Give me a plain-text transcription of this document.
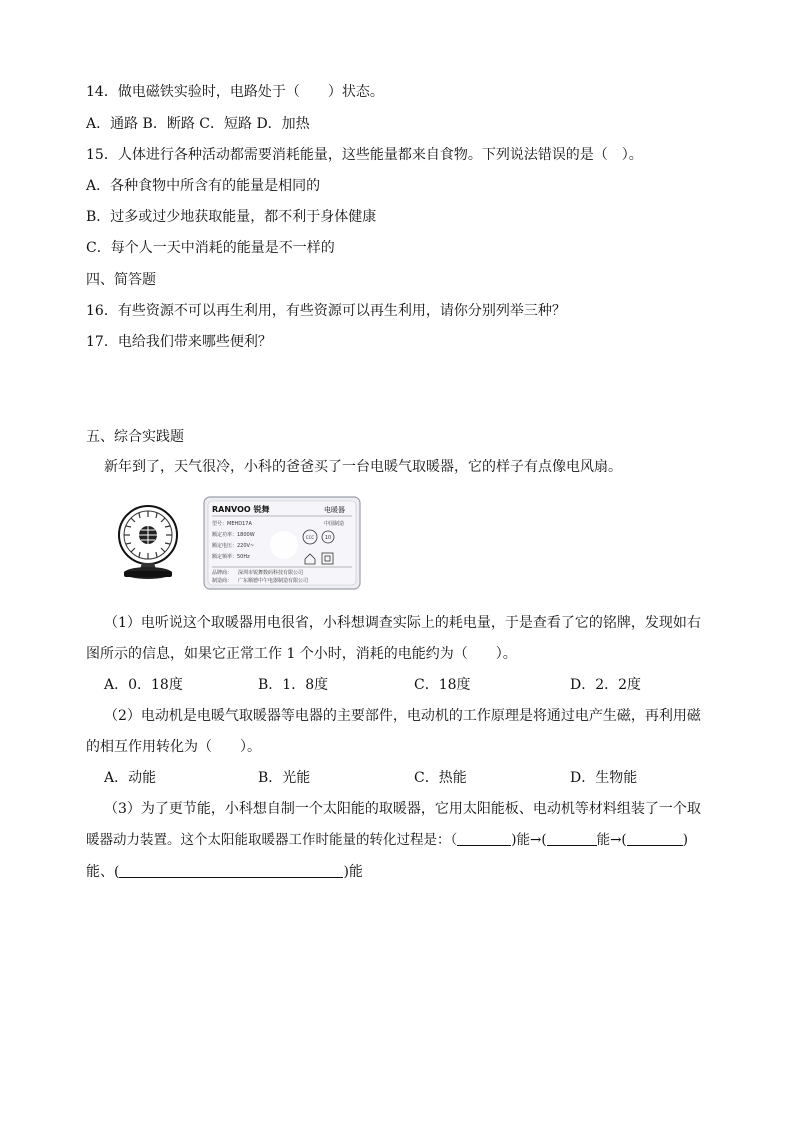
14．做电磁铁实验时，电路处于（　　）状态。
A．通路 B．断路 C．短路 D．加热
15．人体进行各种活动都需要消耗能量，这些能量都来自食物。下列说法错误的是（　）。
A．各种食物中所含有的能量是相同的
B．过多或过少地获取能量，都不利于身体健康
C．每个人一天中消耗的能量是不一样的
四、简答题
16．有些资源不可以再生利用，有些资源可以再生利用，请你分别列举三种？
17．电给我们带来哪些便利？
五、综合实践题
新年到了，天气很冷，小科的爸爸买了一台电暖气取暖器，它的样子有点像电风扇。
RANVOO 锐舞	电暖器
型号：MEHD17A	中国制造
额定功率：1800W
额定电压：220V~
额定频率：50Hz
CCC 10
品牌商： 深圳市锐舞数码科技有限公司
制造商： 广东顺德中午电器制造有限公司
（1）电听说这个取暖器用电很省，小科想调查实际上的耗电量，于是查看了它的铭牌，发现如右
图所示的信息，如果它正常工作 1 个小时，消耗的电能约为（　　）。
A．0．18度	B．1．8度	C．18度	D．2．2度
（2）电动机是电暖气取暖器等电器的主要部件，电动机的工作原理是将通过电产生磁，再利用磁
的相互作用转化为（　　）。
A．动能	B．光能	C．热能	D．生物能
（3）为了更节能，小科想自制一个太阳能的取暖器，它用太阳能板、电动机等材料组装了一个取
暖器动力装置。这个太阳能取暖器工作时能量的转化过程是：（	)能→(	能→(	)
能、(	)能
